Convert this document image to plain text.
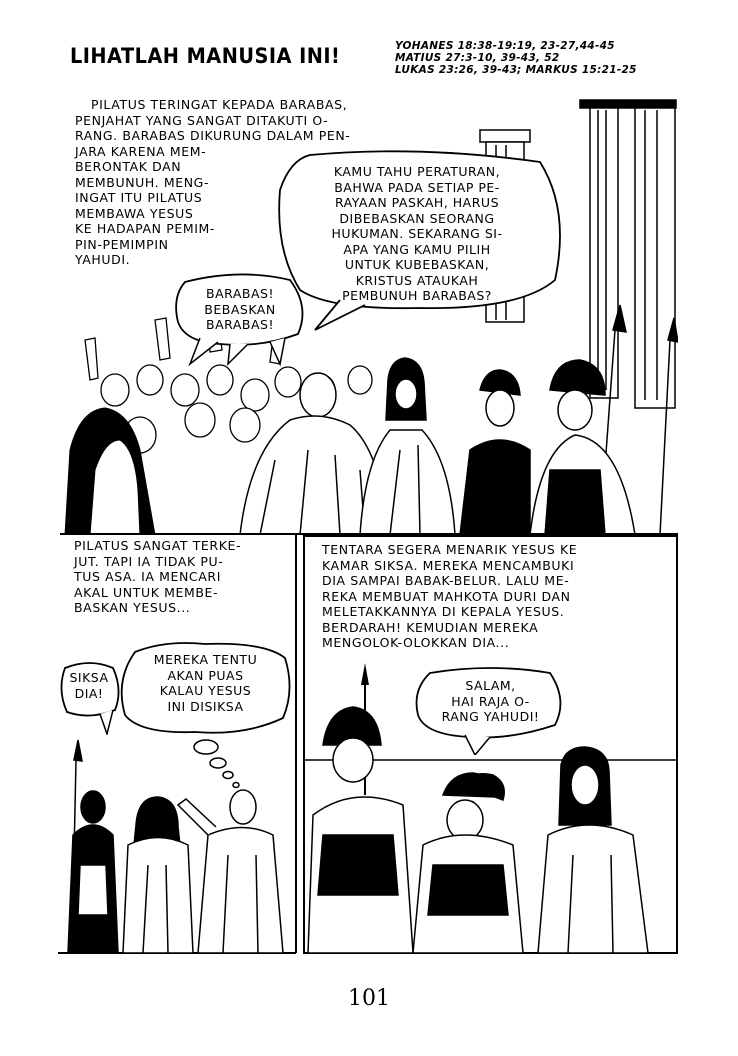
LIHATLAH MANUSIA INI!	YOHANES 18:38-19:19, 23-27,44-45
MATIUS 27:3-10, 39-43, 52
LUKAS 23:26, 39-43; MARKUS 15:21-25
PILATUS TERINGAT KEPADA BARABAS,
PENJAHAT YANG SANGAT DITAKUTI O-
RANG. BARABAS DIKURUNG DALAM PEN-
JARA KARENA MEM-
BERONTAK DAN
MEMBUNUH. MENG-
INGAT ITU PILATUS
MEMBAWA YESUS
KE HADAPAN PEMIM-
PIN-PEMIMPIN
YAHUDI.
KAMU TAHU PERATURAN,
BAHWA PADA SETIAP PE-
RAYAAN PASKAH, HARUS
DIBEBASKAN SEORANG
HUKUMAN. SEKARANG SI-
APA YANG KAMU PILIH
UNTUK KUBEBASKAN,
KRISTUS ATAUKAH
PEMBUNUH BARABAS?
BARABAS!
BEBASKAN
BARABAS!
PILATUS SANGAT TERKE-
JUT. TAPI IA TIDAK PU-
TUS ASA. IA MENCARI
AKAL UNTUK MEMBE-
BASKAN YESUS...
SIKSA
DIA!
MEREKA TENTU
AKAN PUAS
KALAU YESUS
INI DISIKSA
TENTARA SEGERA MENARIK YESUS KE
KAMAR SIKSA. MEREKA MENCAMBUKI
DIA SAMPAI BABAK-BELUR. LALU ME-
REKA MEMBUAT MAHKOTA DURI DAN
MELETAKKANNYA DI KEPALA YESUS.
BERDARAH! KEMUDIAN MEREKA
MENGOLOK-OLOKKAN DIA...
SALAM,
HAI RAJA O-
RANG YAHUDI!
101
